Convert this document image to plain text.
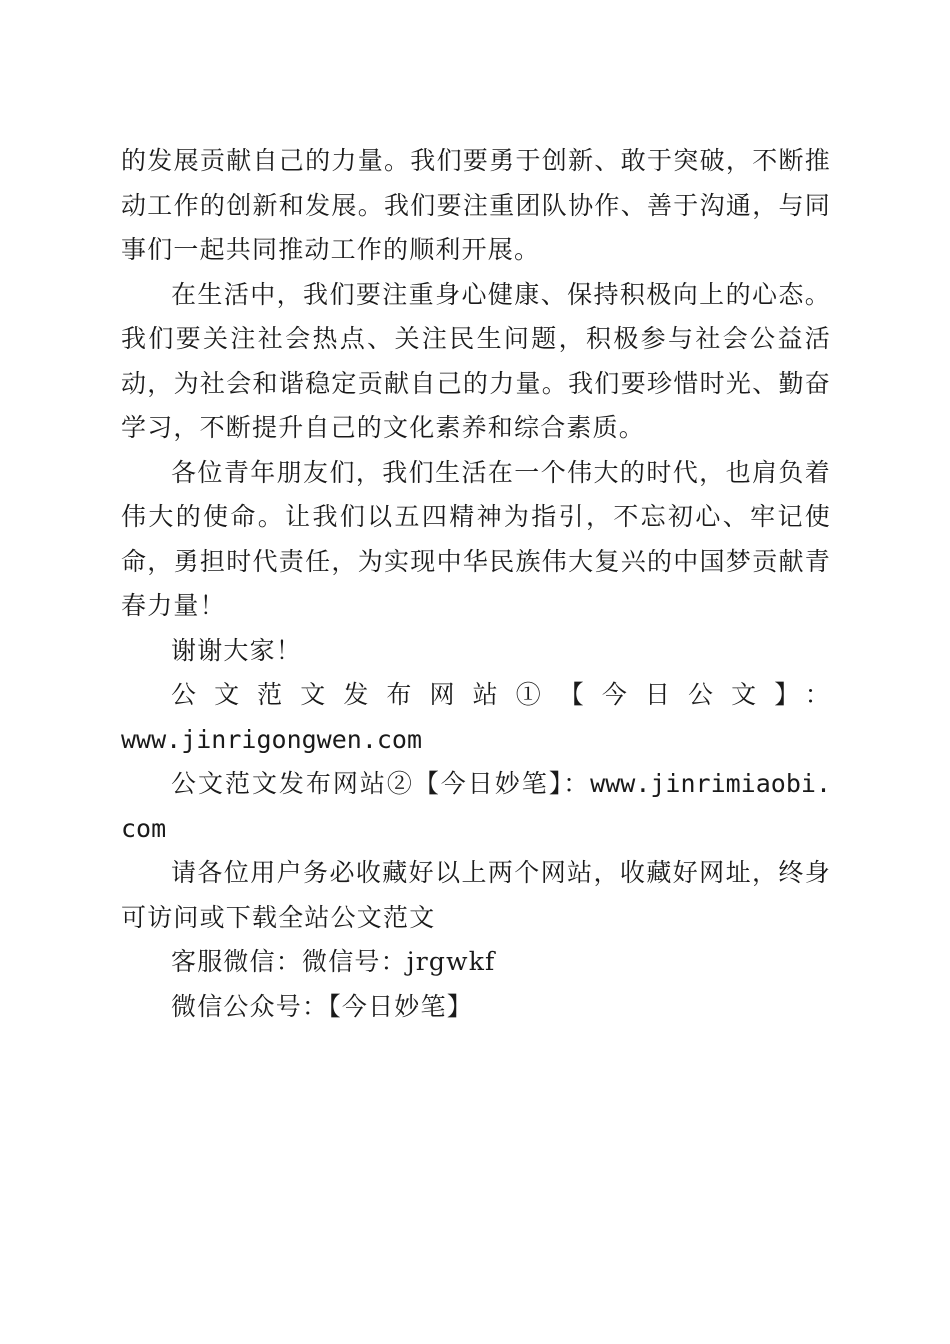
的发展贡献自己的力量。我们要勇于创新、敢于突破，不断推动工作的创新和发展。我们要注重团队协作、善于沟通，与同事们一起共同推动工作的顺利开展。

在生活中，我们要注重身心健康、保持积极向上的心态。我们要关注社会热点、关注民生问题，积极参与社会公益活动，为社会和谐稳定贡献自己的力量。我们要珍惜时光、勤奋学习，不断提升自己的文化素养和综合素质。

各位青年朋友们，我们生活在一个伟大的时代，也肩负着伟大的使命。让我们以五四精神为指引，不忘初心、牢记使命，勇担时代责任，为实现中华民族伟大复兴的中国梦贡献青春力量！

谢谢大家！

公文范文发布网站①【今日公文】：

www.jinrigongwen.com

公文范文发布网站②【今日妙笔】：www.jinrimiaobi.com

请各位用户务必收藏好以上两个网站，收藏好网址，终身可访问或下载全站公文范文

客服微信：微信号：jrgwkf

微信公众号：【今日妙笔】
